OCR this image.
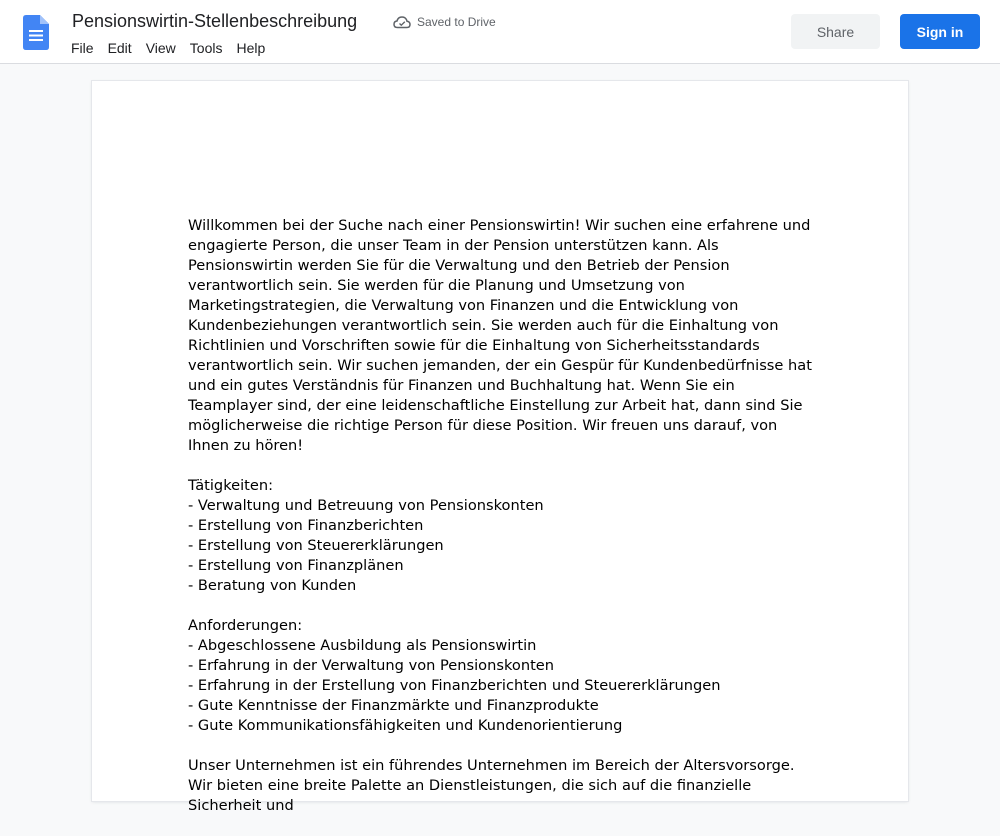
Pensionswirtin-Stellenbeschreibung	Saved to Drive
File	Edit	View	Tools	Help
Share	Sign in

Willkommen bei der Suche nach einer Pensionswirtin! Wir suchen eine erfahrene und engagierte Person, die unser Team in der Pension unterstützen kann. Als Pensionswirtin werden Sie für die Verwaltung und den Betrieb der Pension verantwortlich sein. Sie werden für die Planung und Umsetzung von Marketingstrategien, die Verwaltung von Finanzen und die Entwicklung von Kundenbeziehungen verantwortlich sein. Sie werden auch für die Einhaltung von Richtlinien und Vorschriften sowie für die Einhaltung von Sicherheitsstandards verantwortlich sein. Wir suchen jemanden, der ein Gespür für Kundenbedürfnisse hat und ein gutes Verständnis für Finanzen und Buchhaltung hat. Wenn Sie ein Teamplayer sind, der eine leidenschaftliche Einstellung zur Arbeit hat, dann sind Sie möglicherweise die richtige Person für diese Position. Wir freuen uns darauf, von Ihnen zu hören!

Tätigkeiten:

- Verwaltung und Betreuung von Pensionskonten
- Erstellung von Finanzberichten
- Erstellung von Steuererklärungen
- Erstellung von Finanzplänen
- Beratung von Kunden

Anforderungen:

- Abgeschlossene Ausbildung als Pensionswirtin
- Erfahrung in der Verwaltung von Pensionskonten
- Erfahrung in der Erstellung von Finanzberichten und Steuererklärungen
- Gute Kenntnisse der Finanzmärkte und Finanzprodukte
- Gute Kommunikationsfähigkeiten und Kundenorientierung

Unser Unternehmen ist ein führendes Unternehmen im Bereich der Altersvorsorge. Wir bieten eine breite Palette an Dienstleistungen, die sich auf die finanzielle Sicherheit und
